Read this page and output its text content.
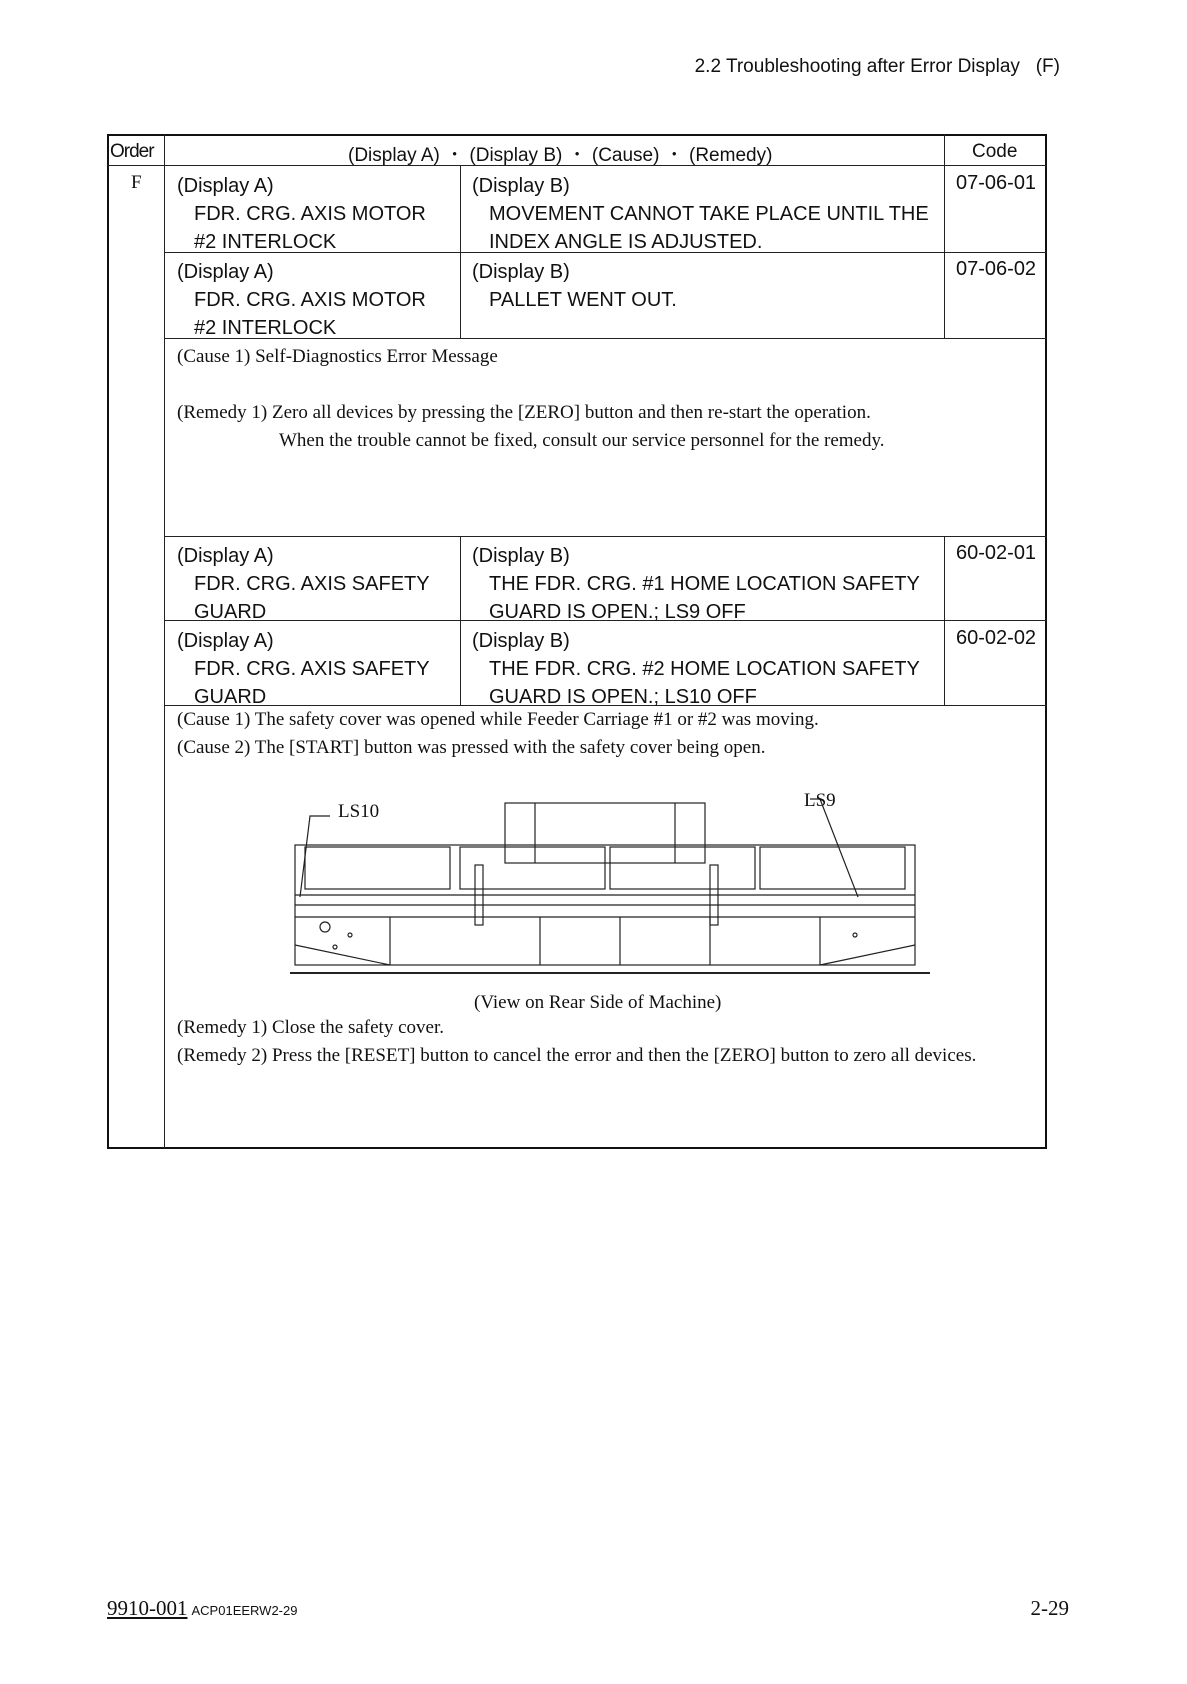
2.2 Troubleshooting after Error Display (F)
Order	(Display A) ・ (Display B) ・ (Cause) ・ (Remedy)	Code
F (Display A)
FDR. CRG. AXIS MOTOR
#2 INTERLOCK
(Display B)
MOVEMENT CANNOT TAKE PLACE UNTIL THE
INDEX ANGLE IS ADJUSTED.
07-06-01
(Display A)
FDR. CRG. AXIS MOTOR
#2 INTERLOCK
(Display B)
PALLET WENT OUT.
07-06-02
(Cause 1) Self-Diagnostics Error Message
(Remedy 1) Zero all devices by pressing the [ZERO] button and then re-start the operation.
When the trouble cannot be fixed, consult our service personnel for the remedy.
(Display A)
FDR. CRG. AXIS SAFETY
GUARD
(Display B)
THE FDR. CRG. #1 HOME LOCATION SAFETY
GUARD IS OPEN.; LS9 OFF
60-02-01
(Display A)
FDR. CRG. AXIS SAFETY
GUARD
(Display B)
THE FDR. CRG. #2 HOME LOCATION SAFETY
GUARD IS OPEN.; LS10 OFF
60-02-02
(Cause 1) The safety cover was opened while Feeder Carriage #1 or #2 was moving.
(Cause 2) The [START] button was pressed with the safety cover being open.
LS10
LS9
(View on Rear Side of Machine)
(Remedy 1) Close the safety cover.
(Remedy 2) Press the [RESET] button to cancel the error and then the [ZERO] button to zero all devices.
9910-001 ACP01EERW2-29	2-29
